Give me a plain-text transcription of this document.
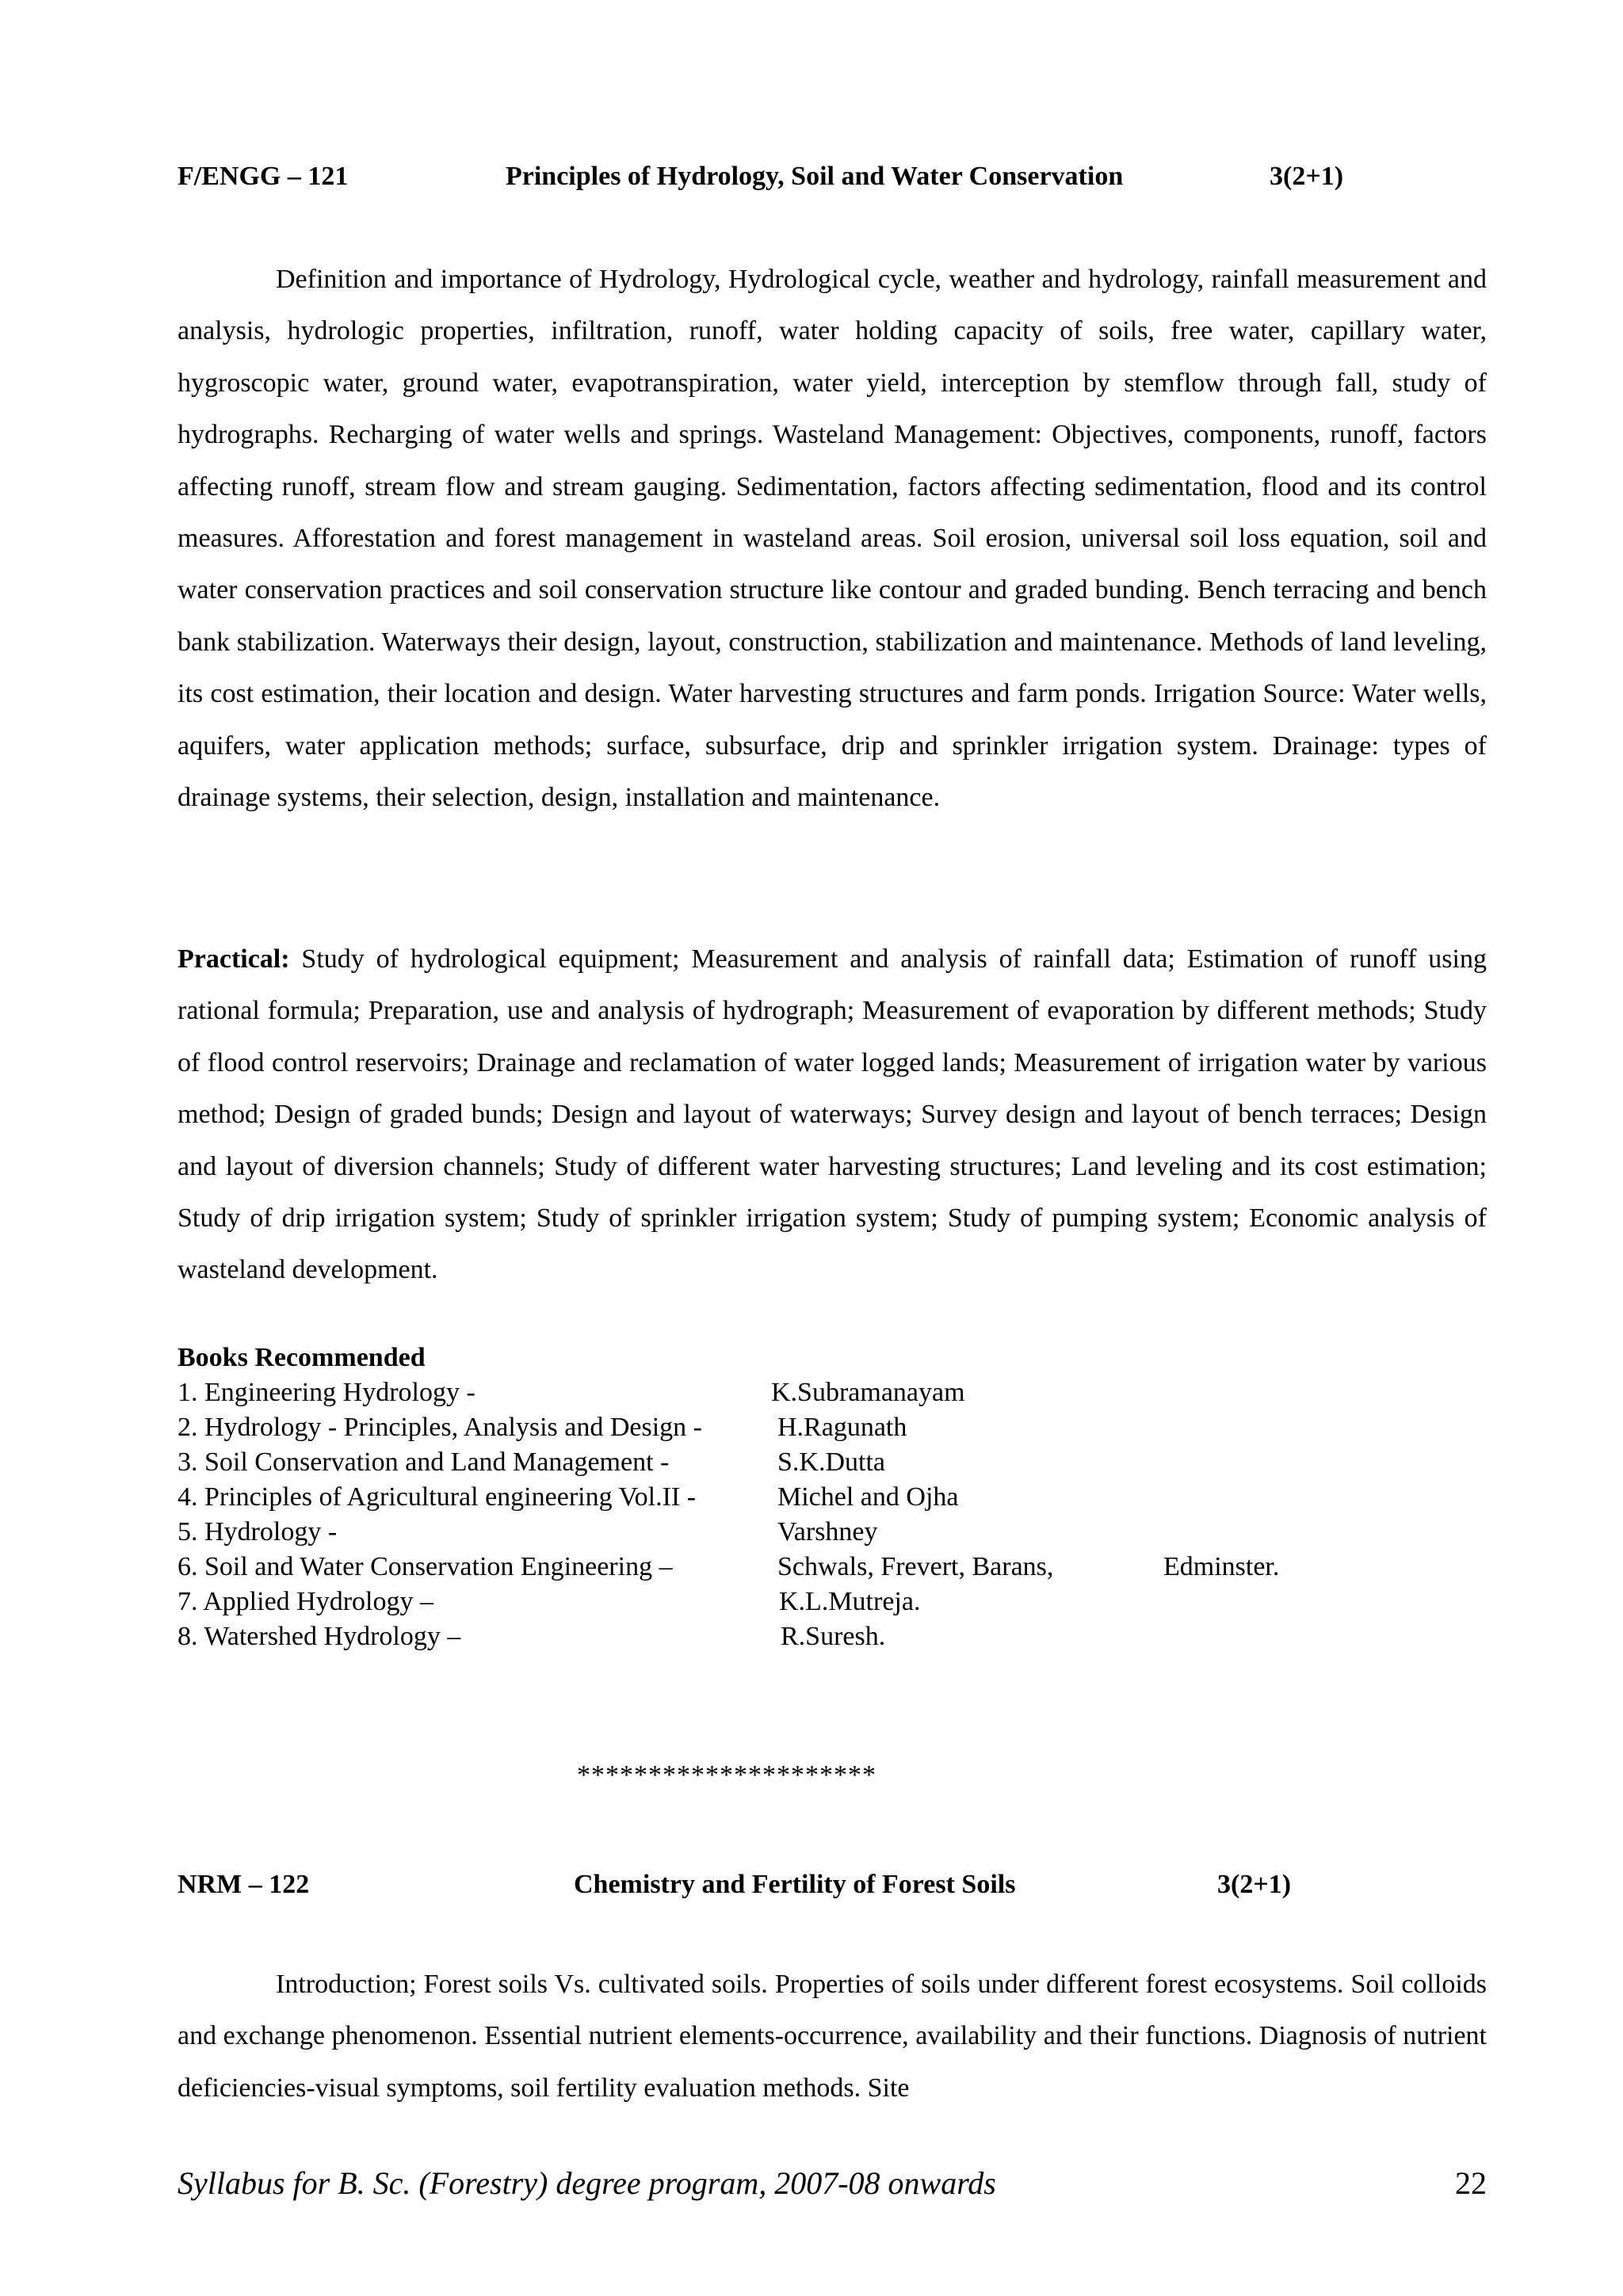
F/ENGG – 121	Principles of Hydrology, Soil and Water Conservation	3(2+1)

Definition and importance of Hydrology, Hydrological cycle, weather and hydrology, rainfall measurement and analysis, hydrologic properties, infiltration, runoff, water holding capacity of soils, free water, capillary water, hygroscopic water, ground water, evapotranspiration, water yield, interception by stemflow through fall, study of hydrographs. Recharging of water wells and springs. Wasteland Management: Objectives, components, runoff, factors affecting runoff, stream flow and stream gauging. Sedimentation, factors affecting sedimentation, flood and its control measures. Afforestation and forest management in wasteland areas. Soil erosion, universal soil loss equation, soil and water conservation practices and soil conservation structure like contour and graded bunding. Bench terracing and bench bank stabilization. Waterways their design, layout, construction, stabilization and maintenance. Methods of land leveling, its cost estimation, their location and design. Water harvesting structures and farm ponds. Irrigation Source: Water wells, aquifers, water application methods; surface, subsurface, drip and sprinkler irrigation system. Drainage: types of drainage systems, their selection, design, installation and maintenance.

Practical: Study of hydrological equipment; Measurement and analysis of rainfall data; Estimation of runoff using rational formula; Preparation, use and analysis of hydrograph; Measurement of evaporation by different methods; Study of flood control reservoirs; Drainage and reclamation of water logged lands; Measurement of irrigation water by various method; Design of graded bunds; Design and layout of waterways; Survey design and layout of bench terraces; Design and layout of diversion channels; Study of different water harvesting structures; Land leveling and its cost estimation; Study of drip irrigation system; Study of sprinkler irrigation system; Study of pumping system; Economic analysis of wasteland development.

Books Recommended
1. Engineering Hydrology -	K.Subramanayam
2. Hydrology - Principles, Analysis and Design -	H.Ragunath
3. Soil Conservation and Land Management -	S.K.Dutta
4. Principles of Agricultural engineering Vol.II -	Michel and Ojha
5. Hydrology -	Varshney
6. Soil and Water Conservation Engineering –	Schwals, Frevert, Barans,	Edminster.
7. Applied Hydrology –	K.L.Mutreja.
8. Watershed Hydrology –	R.Suresh.
*********************
NRM – 122	Chemistry and Fertility of Forest Soils	3(2+1)

Introduction; Forest soils Vs. cultivated soils. Properties of soils under different forest ecosystems. Soil colloids and exchange phenomenon. Essential nutrient elements-occurrence, availability and their functions. Diagnosis of nutrient deficiencies-visual symptoms, soil fertility evaluation methods. Site

Syllabus for B. Sc. (Forestry) degree program, 2007-08 onwards	22
